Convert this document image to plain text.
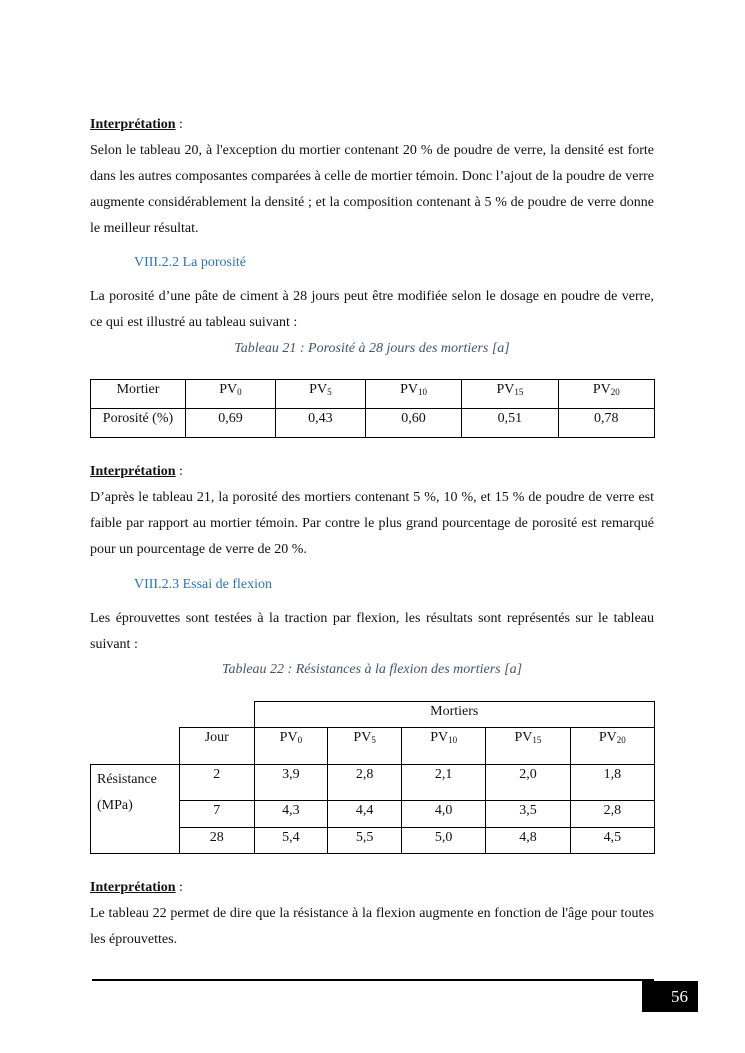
Interprétation :
Selon le tableau 20, à l'exception du mortier contenant 20 % de poudre de verre, la densité est forte dans les autres composantes comparées à celle de mortier témoin. Donc l’ajout de la poudre de verre augmente considérablement la densité ; et la composition contenant à 5 % de poudre de verre donne le meilleur résultat.
VIII.2.2 La porosité
La porosité d’une pâte de ciment à 28 jours peut être modifiée selon le dosage en poudre de verre, ce qui est illustré au tableau suivant :
Tableau 21 : Porosité à 28 jours des mortiers [a]
Mortier	$PV_0$	$PV_5$	$PV_{10}$	$PV_{15}$	$PV_{20}$
Porosité (%)	0,69	0,43	0,60	0,51	0,78
Interprétation :
D’après le tableau 21, la porosité des mortiers contenant 5 %, 10 %, et 15 % de poudre de verre est faible par rapport au mortier témoin. Par contre le plus grand pourcentage de porosité est remarqué pour un pourcentage de verre de 20 %.
VIII.2.3 Essai de flexion
Les éprouvettes sont testées à la traction par flexion, les résultats sont représentés sur le tableau suivant :
Tableau 22 : Résistances à la flexion des mortiers [a]
		Mortiers				
	Jour	$PV_0$	$PV_5$	$PV_{10}$	$PV_{15}$	$PV_{20}$
Résistance (MPa)	2	3,9	2,8	2,1	2,0	1,8
	7	4,3	4,4	4,0	3,5	2,8
	28	5,4	5,5	5,0	4,8	4,5
Interprétation :
Le tableau 22 permet de dire que la résistance à la flexion augmente en fonction de l'âge pour toutes les éprouvettes.
56
